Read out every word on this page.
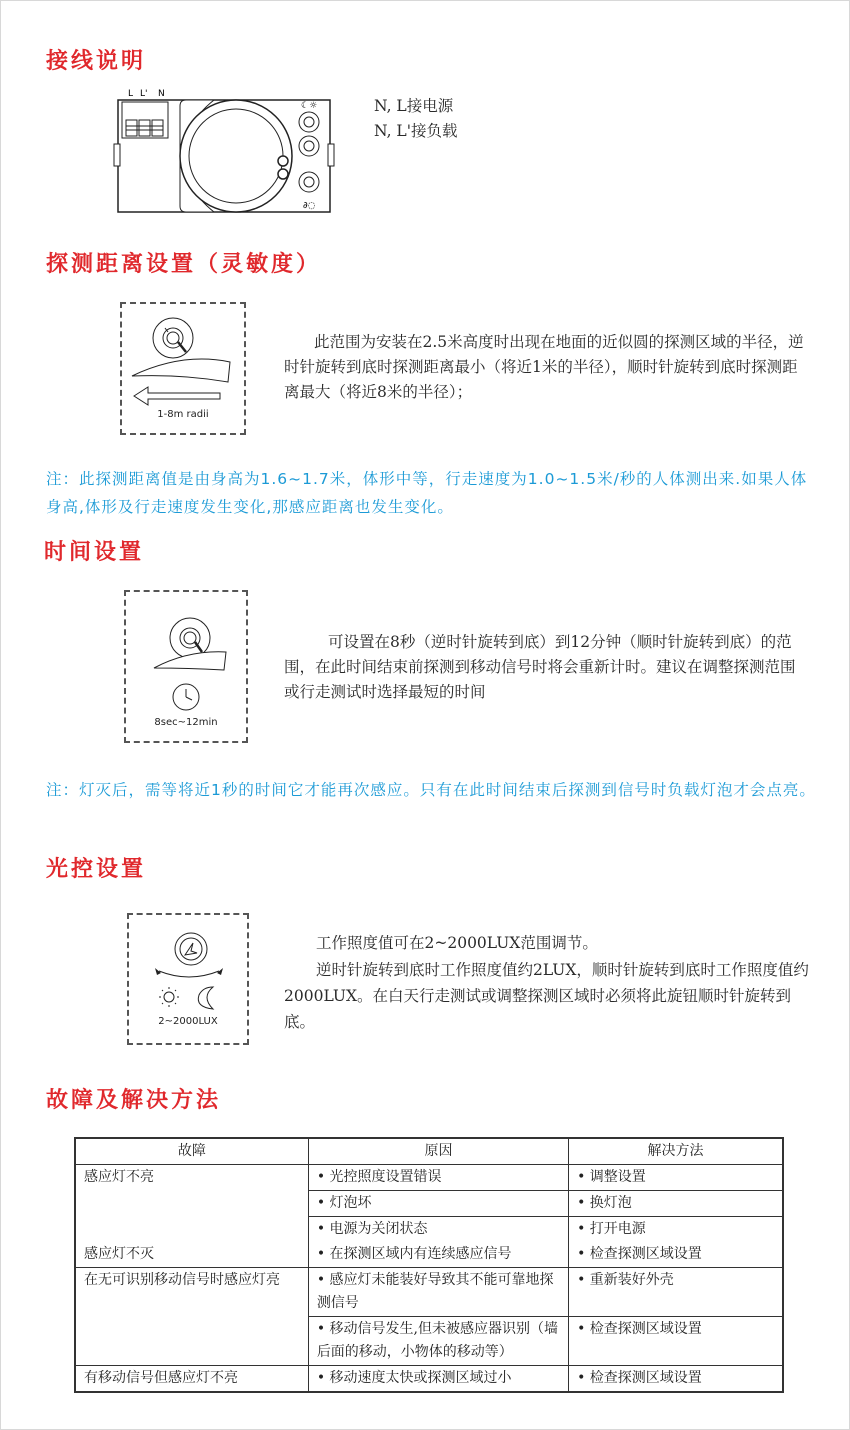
接线说明
L L' N
☾☼
∂◌

N, L接电源

N, L'接负载

探测距离设置（灵敏度）
1-8m radii

此范围为安装在2.5米高度时出现在地面的近似圆的探测区域的半径，逆时针旋转到底时探测距离最小（将近1米的半径），顺时针旋转到底时探测距离最大（将近8米的半径）；

注：此探测距离值是由身高为1.6~1.7米，体形中等，行走速度为1.0~1.5米/秒的人体测出来.如果人体身高,体形及行走速度发生变化,那感应距离也发生变化。

时间设置
8sec~12min

可设置在8秒（逆时针旋转到底）到12分钟（顺时针旋转到底）的范围，在此时间结束前探测到移动信号时将会重新计时。建议在调整探测范围或行走测试时选择最短的时间

注：灯灭后，需等将近1秒的时间它才能再次感应。只有在此时间结束后探测到信号时负载灯泡才会点亮。

光控设置
2~2000LUX

工作照度值可在2~2000LUX范围调节。

逆时针旋转到底时工作照度值约2LUX，顺时针旋转到底时工作照度值约2000LUX。在白天行走测试或调整探测区域时必须将此旋钮顺时针旋转到底。

故障及解决方法
故障	原因	解决方法
感应灯不亮	• 光控照度设置错误	• 调整设置
	• 灯泡坏	• 换灯泡
	• 电源为关闭状态	• 打开电源
感应灯不灭	• 在探测区域内有连续感应信号	• 检查探测区域设置
在无可识别移动信号时感应灯亮	• 感应灯未能装好导致其不能可靠地探测信号	• 重新装好外壳
	• 移动信号发生,但未被感应器识别（墙后面的移动，小物体的移动等）	• 检查探测区域设置
有移动信号但感应灯不亮	• 移动速度太快或探测区域过小	• 检查探测区域设置
